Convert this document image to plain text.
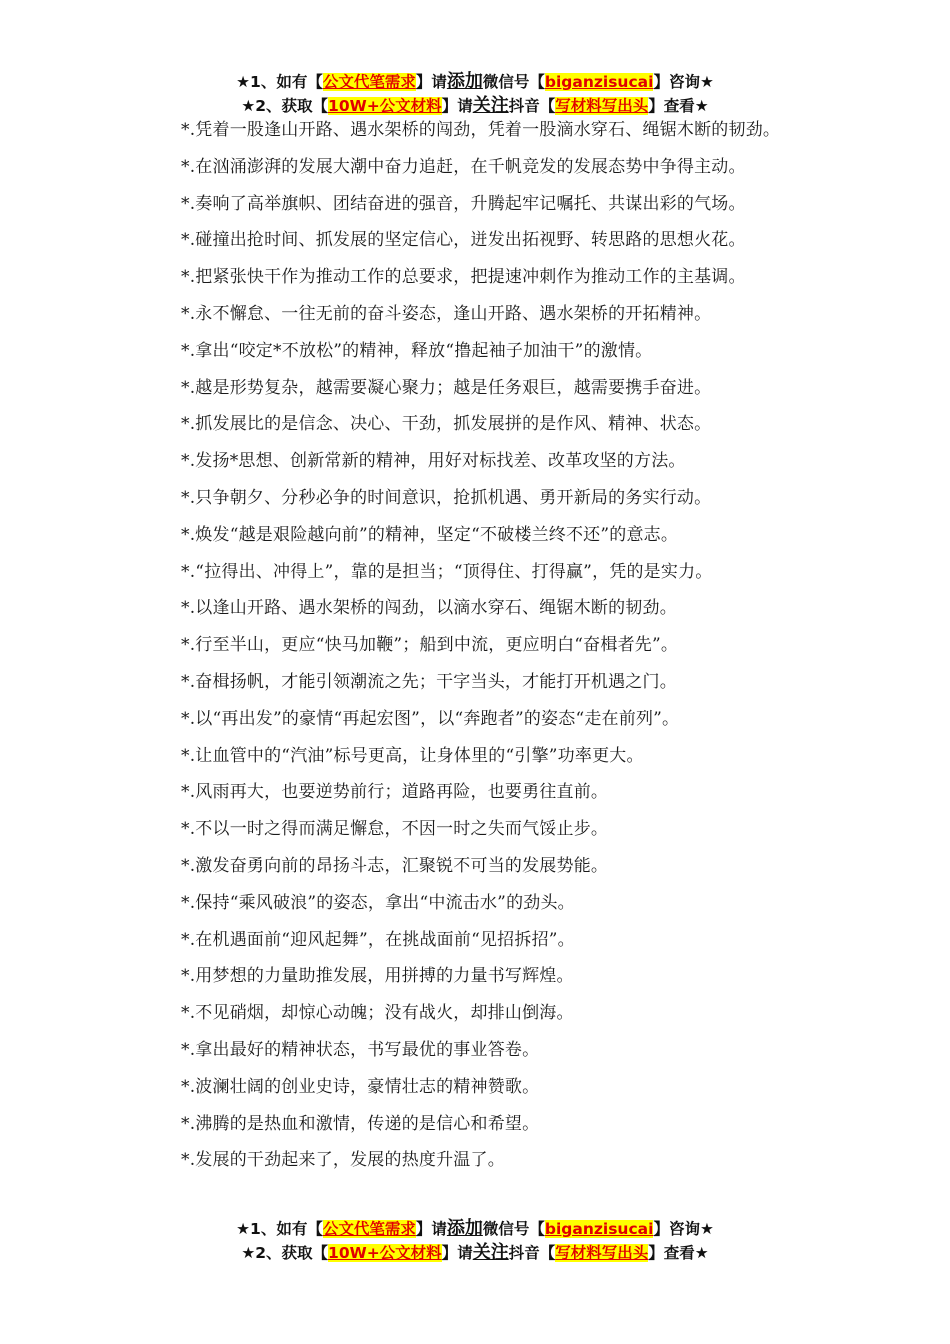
★1、如有【公文代笔需求】请添加微信号【biganzisucai】咨询★
★2、获取【10W+公文材料】请关注抖音【写材料写出头】查看★

*.凭着一股逢山开路、遇水架桥的闯劲，凭着一股滴水穿石、绳锯木断的韧劲。

*.在汹涌澎湃的发展大潮中奋力追赶，在千帆竞发的发展态势中争得主动。

*.奏响了高举旗帜、团结奋进的强音，升腾起牢记嘱托、共谋出彩的气场。

*.碰撞出抢时间、抓发展的坚定信心，迸发出拓视野、转思路的思想火花。

*.把紧张快干作为推动工作的总要求，把提速冲刺作为推动工作的主基调。

*.永不懈怠、一往无前的奋斗姿态，逢山开路、遇水架桥的开拓精神。

*.拿出“咬定*不放松”的精神，释放“撸起袖子加油干”的激情。

*.越是形势复杂，越需要凝心聚力；越是任务艰巨，越需要携手奋进。

*.抓发展比的是信念、决心、干劲，抓发展拼的是作风、精神、状态。

*.发扬*思想、创新常新的精神，用好对标找差、改革攻坚的方法。

*.只争朝夕、分秒必争的时间意识，抢抓机遇、勇开新局的务实行动。

*.焕发“越是艰险越向前”的精神，坚定“不破楼兰终不还”的意志。

*.“拉得出、冲得上”，靠的是担当；“顶得住、打得赢”，凭的是实力。

*.以逢山开路、遇水架桥的闯劲，以滴水穿石、绳锯木断的韧劲。

*.行至半山，更应“快马加鞭”；船到中流，更应明白“奋楫者先”。

*.奋楫扬帆，才能引领潮流之先；干字当头，才能打开机遇之门。

*.以“再出发”的豪情“再起宏图”，以“奔跑者”的姿态“走在前列”。

*.让血管中的“汽油”标号更高，让身体里的“引擎”功率更大。

*.风雨再大，也要逆势前行；道路再险，也要勇往直前。

*.不以一时之得而满足懈怠，不因一时之失而气馁止步。

*.激发奋勇向前的昂扬斗志，汇聚锐不可当的发展势能。

*.保持“乘风破浪”的姿态，拿出“中流击水”的劲头。

*.在机遇面前“迎风起舞”，在挑战面前“见招拆招”。

*.用梦想的力量助推发展，用拼搏的力量书写辉煌。

*.不见硝烟，却惊心动魄；没有战火，却排山倒海。

*.拿出最好的精神状态，书写最优的事业答卷。

*.波澜壮阔的创业史诗，豪情壮志的精神赞歌。

*.沸腾的是热血和激情，传递的是信心和希望。

*.发展的干劲起来了，发展的热度升温了。

★1、如有【公文代笔需求】请添加微信号【biganzisucai】咨询★
★2、获取【10W+公文材料】请关注抖音【写材料写出头】查看★
